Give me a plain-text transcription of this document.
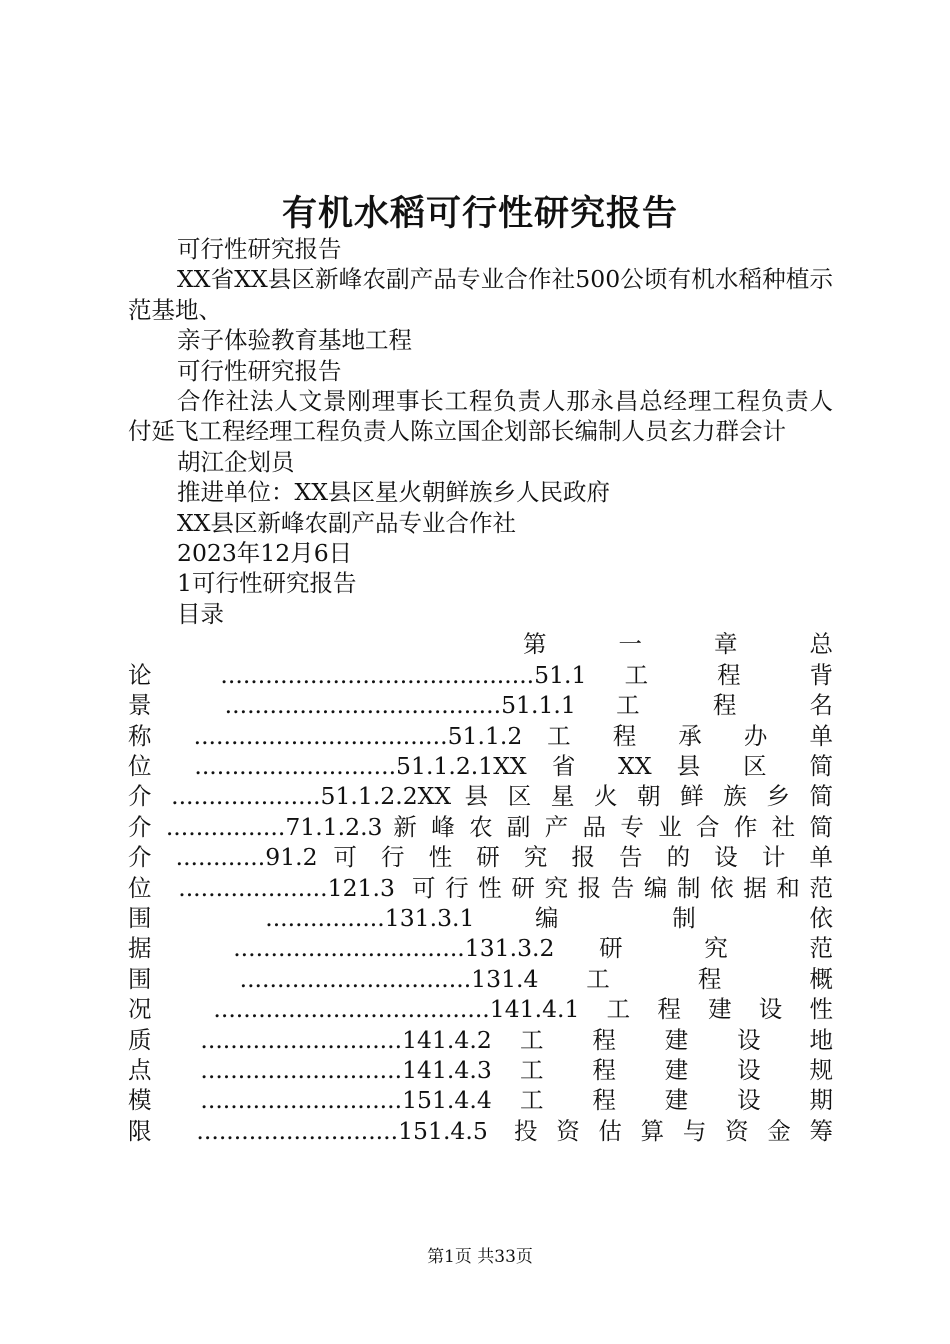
有机水稻可行性研究报告

可行性研究报告

XX省XX县区新峰农副产品专业合作社500公顷有机水稻种植示范基地、

亲子体验教育基地工程

可行性研究报告

合作社法人文景刚理事长工程负责人那永昌总经理工程负责人付延飞工程经理工程负责人陈立国企划部长编制人员玄力群会计

胡江企划员

推进单位：XX县区星火朝鲜族乡人民政府

XX县区新峰农副产品专业合作社

2023年12月6日

1可行性研究报告

目录

第 一 章 总

论 ..........................................51.1 工 程 背

景 .....................................51.1.1 工 程 名

称 ..................................51.1.2 工 程 承 办 单

位 ...........................51.1.2.1XX 省 XX 县 区 简

介 ....................51.1.2.2XX 县 区 星 火 朝 鲜 族 乡 简

介 ................71.1.2.3 新 峰 农 副 产 品 专 业 合 作 社 简

介 ............91.2 可 行 性 研 究 报 告 的 设 计 单

位 ....................121.3 可行性研究报告编制依据和范

围 ................131.3.1 编 制 依

据 ...............................131.3.2 研 究 范

围 ...............................131.4 工 程 概

况 .....................................141.4.1工程建设性

质 ...........................141.4.2 工 程 建 设 地

点 ...........................141.4.3 工 程 建 设 规

模 ...........................151.4.4 工 程 建 设 期

限 ...........................151.4.5 投资估算与资金筹

第1页 共33页
